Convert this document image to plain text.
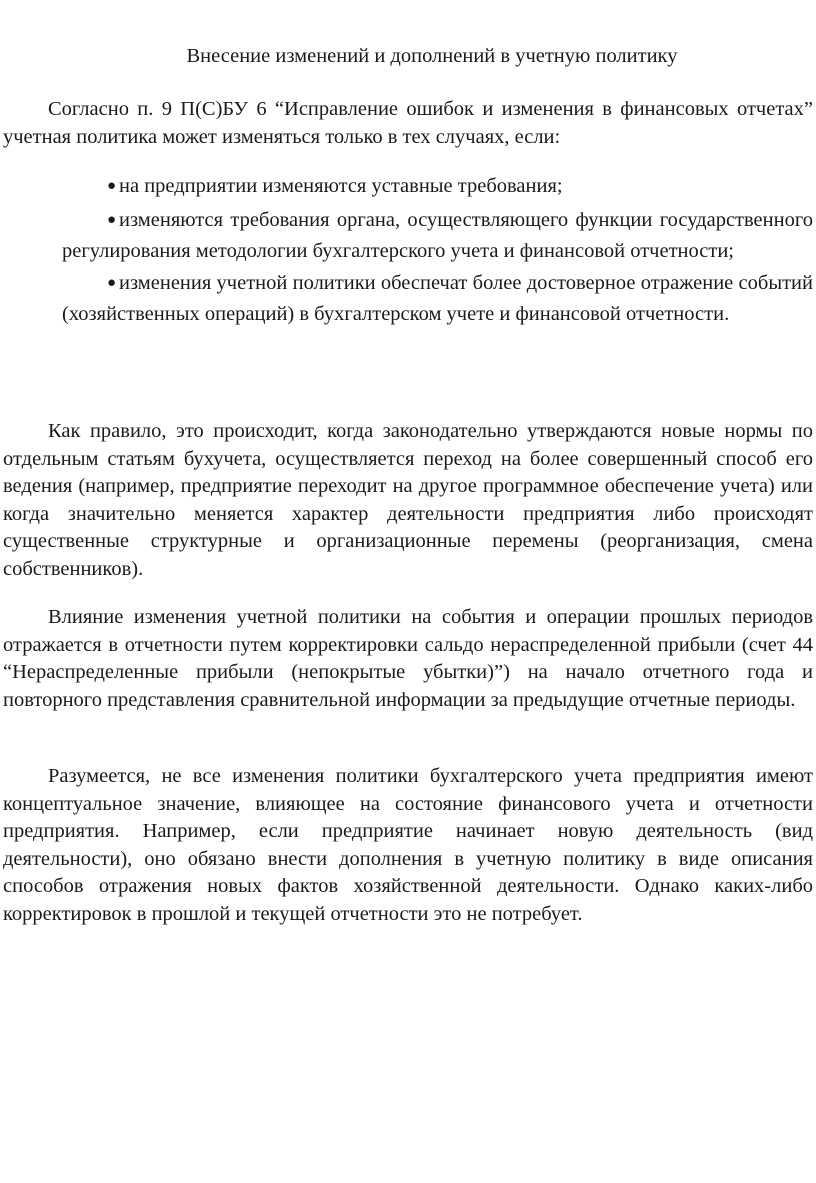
Внесение изменений и дополнений в учетную политику

Согласно п. 9 П(С)БУ 6 “Исправление ошибок и изменения в финансовых отчетах” учетная политика может изменяться только в тех случаях, если:

● на предприятии изменяются уставные требования;
● изменяются требования органа, осуществляющего функции государственного регулирования методологии бухгалтерского учета и финансовой отчетности;
● изменения учетной политики обеспечат более достоверное отражение событий (хозяйственных операций) в бухгалтерском учете и финансовой отчетности.

Как правило, это происходит, когда законодательно утверждаются новые нормы по отдельным статьям бухучета, осуществляется переход на более совершенный способ его ведения (например, предприятие переходит на другое программное обеспечение учета) или когда значительно меняется характер деятельности предприятия либо происходят существенные структурные и организационные перемены (реорганизация, смена собственников).

Влияние изменения учетной политики на события и операции прошлых периодов отражается в отчетности путем корректировки сальдо нераспределенной прибыли (счет 44 “Нераспределенные прибыли (непокрытые убытки)”) на начало отчетного года и повторного представления сравнительной информации за предыдущие отчетные периоды.

Разумеется, не все изменения политики бухгалтерского учета предприятия имеют концептуальное значение, влияющее на состояние финансового учета и отчетности предприятия. Например, если предприятие начинает новую деятельность (вид деятельности), оно обязано внести дополнения в учетную политику в виде описания способов отражения новых фактов хозяйственной деятельности. Однако каких-либо корректировок в прошлой и текущей отчетности это не потребует.
